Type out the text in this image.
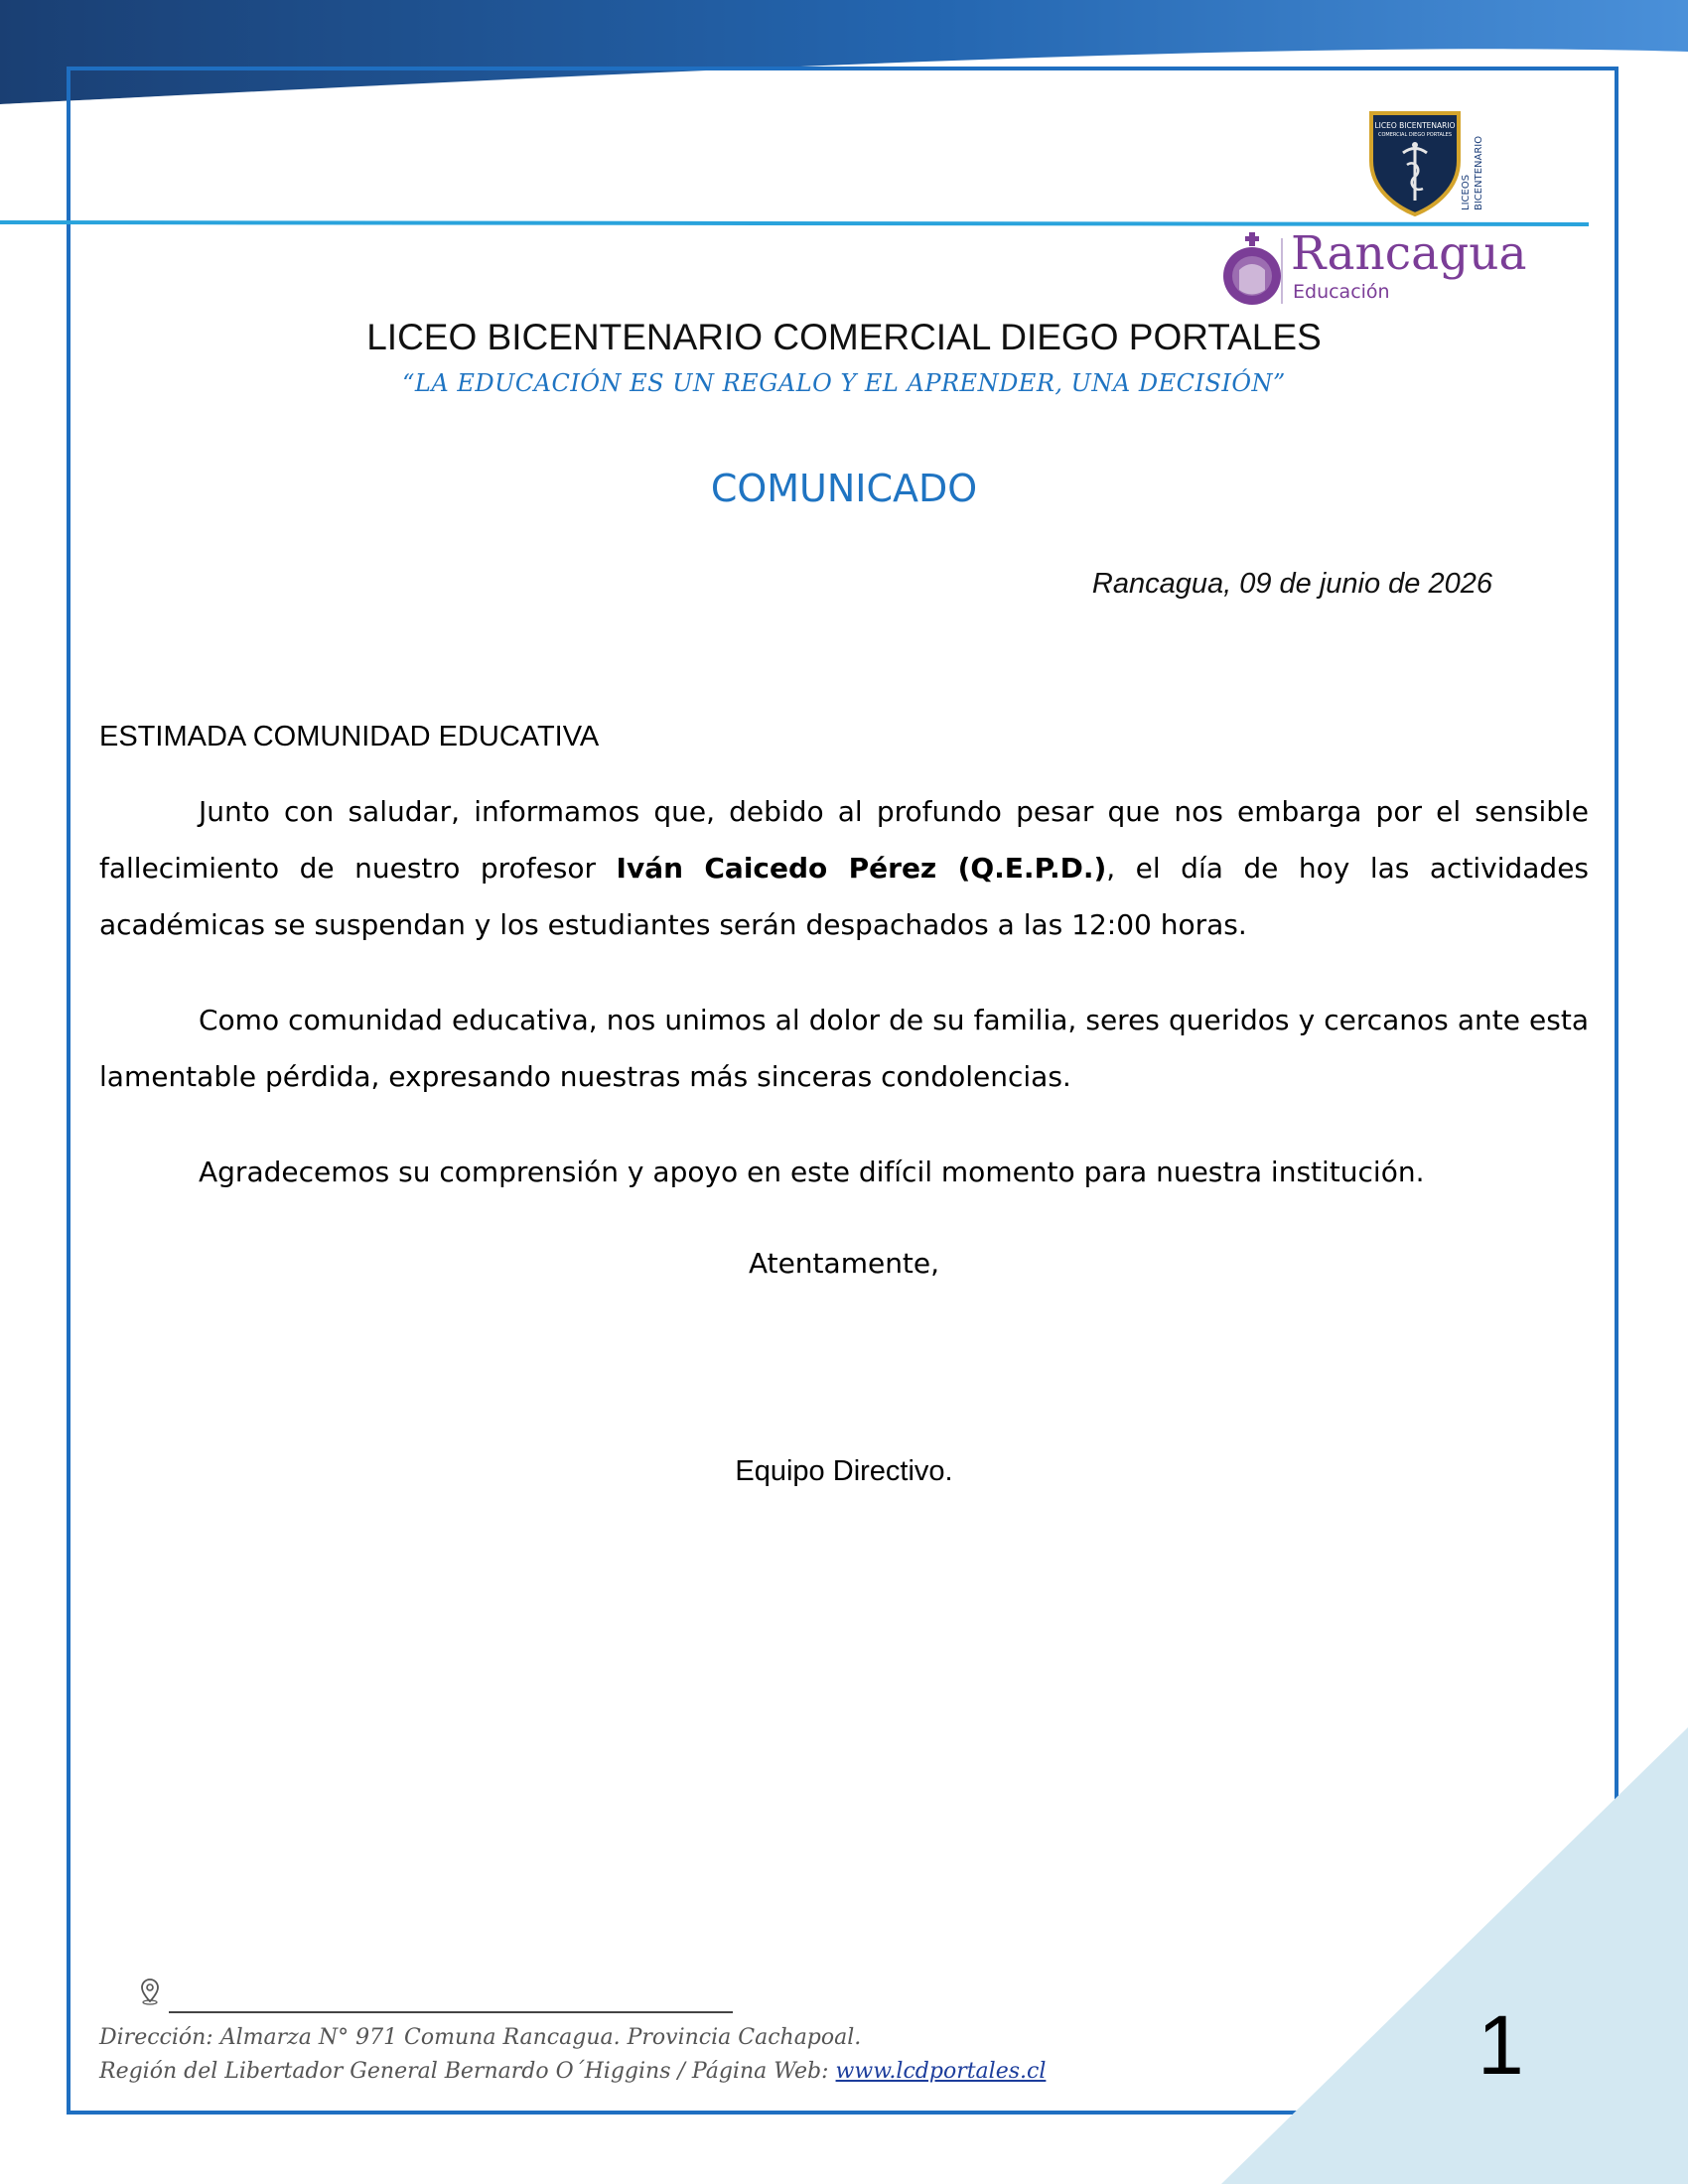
LICEO BICENTENARIO
COMERCIAL DIEGO PORTALES
LICEOS BICENTENARIO
Rancagua
Educación
LICEO BICENTENARIO COMERCIAL DIEGO PORTALES
“LA EDUCACIÓN ES UN REGALO Y EL APRENDER, UNA DECISIÓN”
COMUNICADO
Rancagua, 09 de junio de 2026
ESTIMADA COMUNIDAD EDUCATIVA

Junto con saludar, informamos que, debido al profundo pesar que nos embarga por el sensible fallecimiento de nuestro profesor Iván Caicedo Pérez (Q.E.P.D.), el día de hoy las actividades académicas se suspendan y los estudiantes serán despachados a las 12:00 horas.

Como comunidad educativa, nos unimos al dolor de su familia, seres queridos y cercanos ante esta lamentable pérdida, expresando nuestras más sinceras condolencias.

Agradecemos su comprensión y apoyo en este difícil momento para nuestra institución.

Atentamente,
Equipo Directivo.
Dirección: Almarza N° 971 Comuna Rancagua. Provincia Cachapoal.
Región del Libertador General Bernardo O´Higgins / Página Web: www.lcdportales.cl	1
